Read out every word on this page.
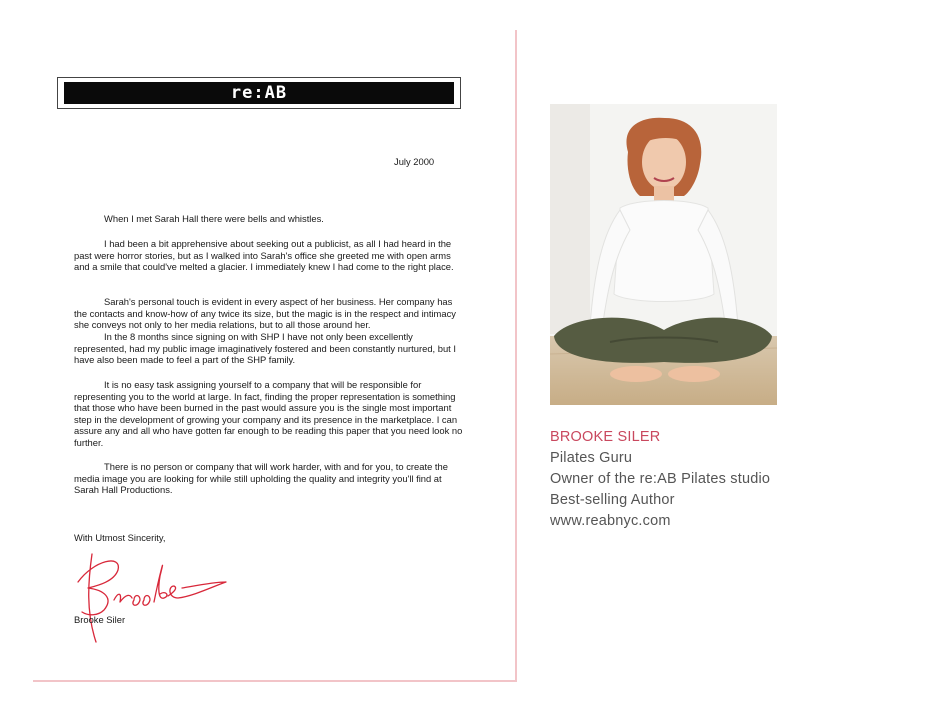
re:AB
July 2000
When I met Sarah Hall there were bells and whistles.
I had been a bit apprehensive about seeking out a publicist, as all I had heard in the past were horror stories, but as I walked into Sarah's office she greeted me with open arms and a smile that could've melted a glacier. I immediately knew I had come to the right place.
Sarah's personal touch is evident in every aspect of her business. Her company has the contacts and know-how of any twice its size, but the magic is in the respect and intimacy she conveys not only to her media relations, but to all those around her.
In the 8 months since signing on with SHP I have not only been excellently represented, had my public image imaginatively fostered and been constantly nurtured, but I have also been made to feel a part of the SHP family.
It is no easy task assigning yourself to a company that will be responsible for representing you to the world at large. In fact, finding the proper representation is something that those who have been burned in the past would assure you is the single most important step in the development of growing your company and its presence in the marketplace. I can assure any and all who have gotten far enough to be reading this paper that you need look no further.
There is no person or company that will work harder, with and for you, to create the media image you are looking for while still upholding the quality and integrity you'll find at Sarah Hall Productions.
With Utmost Sincerity,
Brooke Siler
BROOKE SILER
Pilates Guru
Owner of the re:AB Pilates studio
Best-selling Author
www.reabnyc.com
